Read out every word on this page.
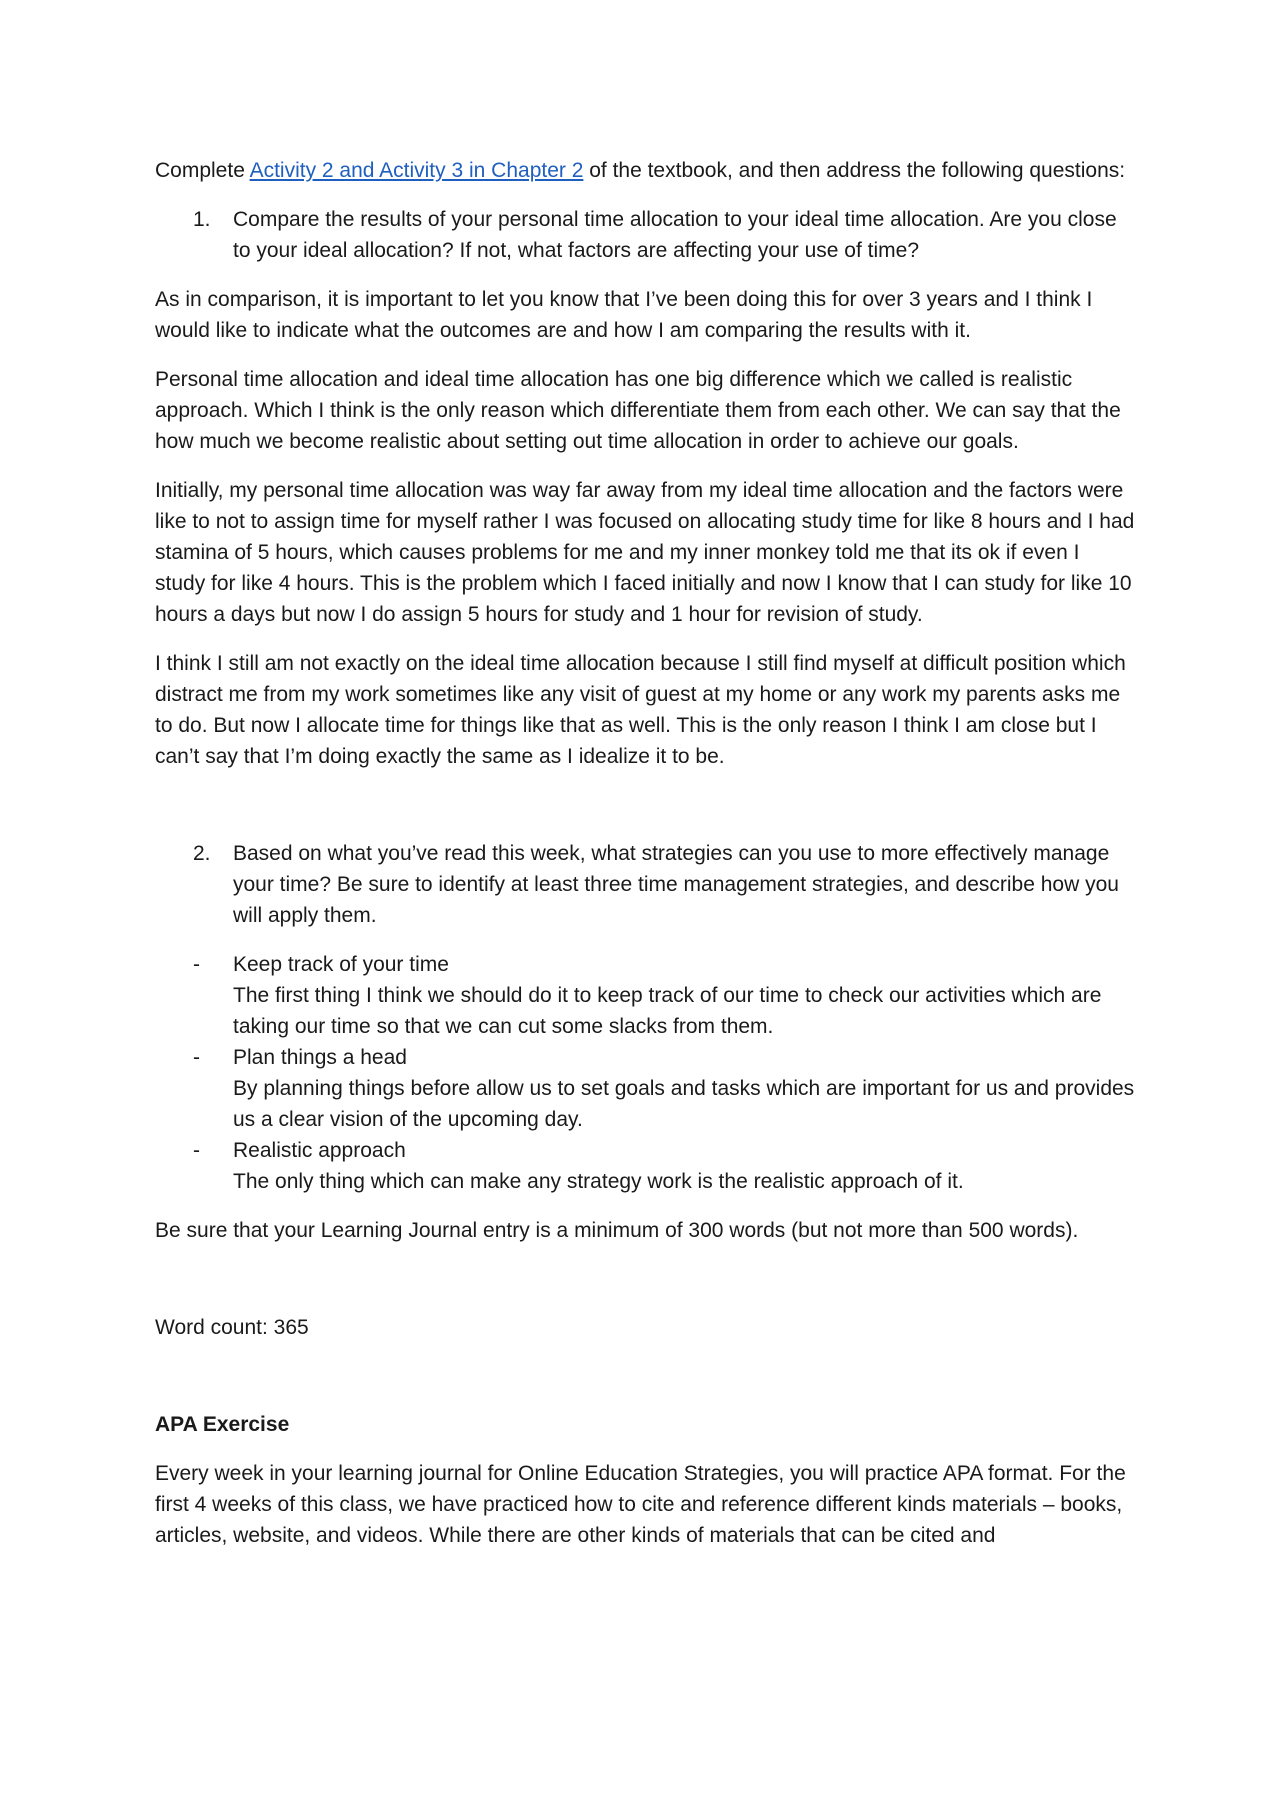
Complete Activity 2 and Activity 3 in Chapter 2 of the textbook, and then address the following questions:

1. Compare the results of your personal time allocation to your ideal time allocation. Are you close to your ideal allocation? If not, what factors are affecting your use of time?

As in comparison, it is important to let you know that I’ve been doing this for over 3 years and I think I would like to indicate what the outcomes are and how I am comparing the results with it.

Personal time allocation and ideal time allocation has one big difference which we called is realistic approach. Which I think is the only reason which differentiate them from each other. We can say that the how much we become realistic about setting out time allocation in order to achieve our goals.

Initially, my personal time allocation was way far away from my ideal time allocation and the factors were like to not to assign time for myself rather I was focused on allocating study time for like 8 hours and I had stamina of 5 hours, which causes problems for me and my inner monkey told me that its ok if even I study for like 4 hours. This is the problem which I faced initially and now I know that I can study for like 10 hours a days but now I do assign 5 hours for study and 1 hour for revision of study.

I think I still am not exactly on the ideal time allocation because I still find myself at difficult position which distract me from my work sometimes like any visit of guest at my home or any work my parents asks me to do. But now I allocate time for things like that as well. This is the only reason I think I am close but I can’t say that I’m doing exactly the same as I idealize it to be.

2. Based on what you’ve read this week, what strategies can you use to more effectively manage your time? Be sure to identify at least three time management strategies, and describe how you will apply them.
- Keep track of your time
The first thing I think we should do it to keep track of our time to check our activities which are taking our time so that we can cut some slacks from them.
- Plan things a head
By planning things before allow us to set goals and tasks which are important for us and provides us a clear vision of the upcoming day.
- Realistic approach
The only thing which can make any strategy work is the realistic approach of it.

Be sure that your Learning Journal entry is a minimum of 300 words (but not more than 500 words).

Word count: 365

APA Exercise

Every week in your learning journal for Online Education Strategies, you will practice APA format. For the first 4 weeks of this class, we have practiced how to cite and reference different kinds materials – books, articles, website, and videos. While there are other kinds of materials that can be cited and
